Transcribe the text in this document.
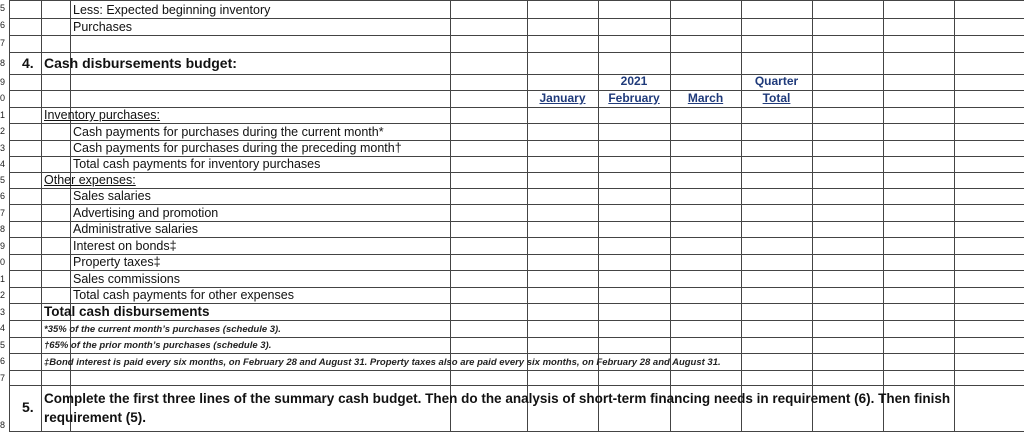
5
6
7
8
9
0
1
2
3
4
5
6
7
8
9
0
1
2
3
4
5
6
7
8
Less: Expected beginning inventory
Purchases
4. Cash disbursements budget:
2021	Quarter
January	February	March	Total
Inventory purchases:
Cash payments for purchases during the current month*
Cash payments for purchases during the preceding month†
Total cash payments for inventory purchases
Other expenses:
Sales salaries
Advertising and promotion
Administrative salaries
Interest on bonds‡
Property taxes‡
Sales commissions
Total cash payments for other expenses
Total cash disbursements
*35% of the current month’s purchases (schedule 3).
†65% of the prior month’s purchases (schedule 3).
‡Bond interest is paid every six months, on February 28 and August 31. Property taxes also are paid every six months, on February 28 and August 31.
5.
Complete the first three lines of the summary cash budget. Then do the analysis of short-term financing needs in requirement (6). Then finish
requirement (5).
